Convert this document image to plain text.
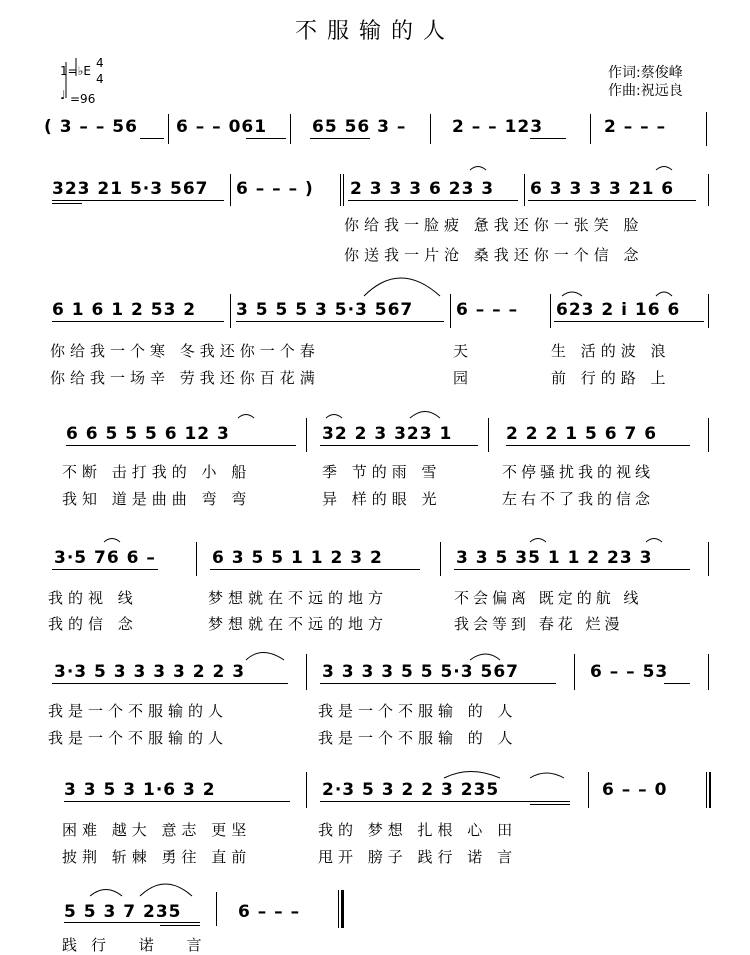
不服输的人
1=♭E
4
4
♩ =96
作词:蔡俊峰
作曲:祝远良
( 3 – – 56 6 – – 061	65 56 3 –	2 – – 123	2 – – –
323 21 5·3 567 6 – – – ) 2 3 3 3 6 23 3 6 3 3 3 3 21 6
你给我一脸疲 惫我还你一张笑 脸
你送我一片沧 桑我还你一个信 念
6 1 6 1 2 53 2 3 5 5 5 3 5·3 567	6 – – – 623 2 i 16 6
你给我一个寒 冬我还你一个春	天	生 活的波 浪
你给我一场辛 劳我还你百花满	园	前 行的路 上
6 6 5 5 5 6 12 3	32 2 3 323 1	2 2 2 1 5 6 7 6
不断 击打我的 小 船	季 节的雨 雪	不停骚扰我的视线
我知 道是曲曲 弯 弯	异 样的眼 光	左右不了我的信念
3·5 76 6 –	6 3 5 5 1 1 2 3 2	3 3 5 35 1 1 2 23 3
我的视 线	梦想就在不远的地方	不会偏离 既定的航 线
我的信 念	梦想就在不远的地方	我会等到 春花 烂漫
3·3 5 3 3 3 3 2 2 3	3 3 3 3 5 5 5·3 567	6 – – 53
我是一个不服输的人	我是一个不服输 的 人
我是一个不服输的人	我是一个不服输 的 人
3 3 5 3 1·6 3 2	2·3 5 3 2 2 3 235	6 – – 0
困难 越大 意志 更坚	我的 梦想 扎根 心 田
披荆 斩棘 勇往 直前	甩开 膀子 践行 诺 言
5 5 3 7 235	6 – – –
践行 诺 言
